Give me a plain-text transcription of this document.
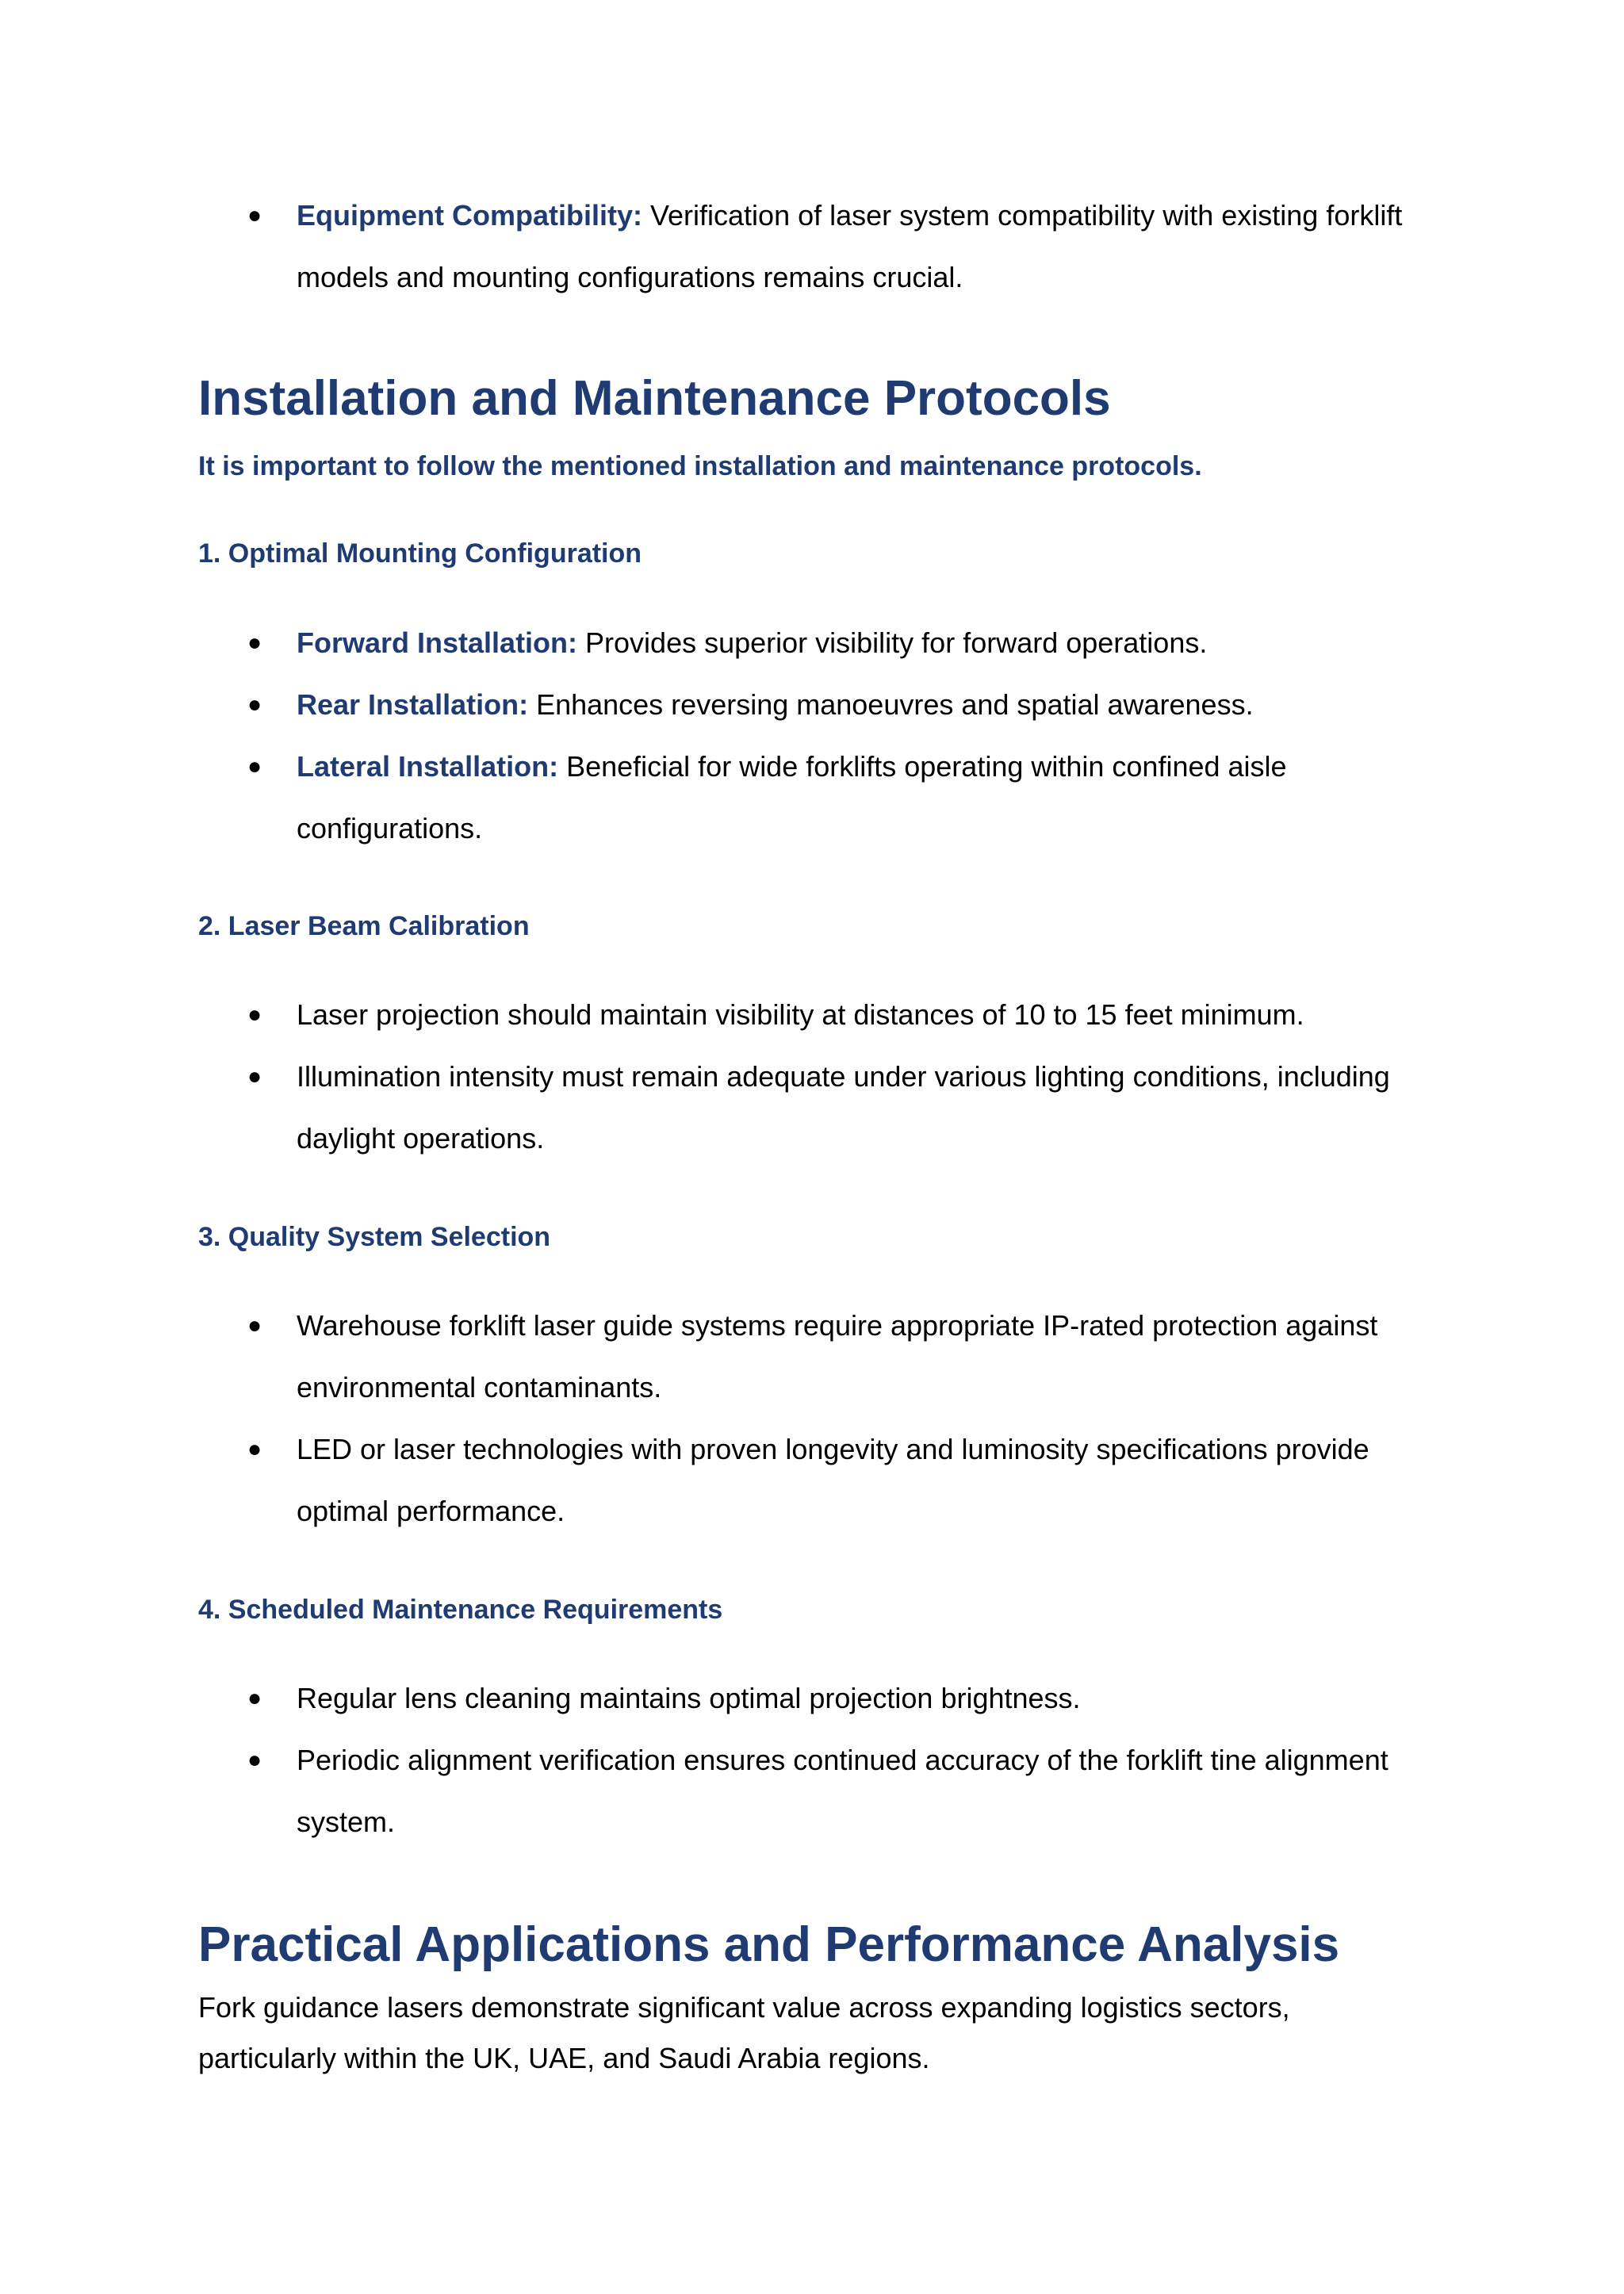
● Equipment Compatibility: Verification of laser system compatibility with existing forklift models and mounting configurations remains crucial.
Installation and Maintenance Protocols

It is important to follow the mentioned installation and maintenance protocols.

1. Optimal Mounting Configuration
● Forward Installation: Provides superior visibility for forward operations.
● Rear Installation: Enhances reversing manoeuvres and spatial awareness.
● Lateral Installation: Beneficial for wide forklifts operating within confined aisle configurations.
2. Laser Beam Calibration
● Laser projection should maintain visibility at distances of 10 to 15 feet minimum.
● Illumination intensity must remain adequate under various lighting conditions, including daylight operations.
3. Quality System Selection
● Warehouse forklift laser guide systems require appropriate IP-rated protection against environmental contaminants.
● LED or laser technologies with proven longevity and luminosity specifications provide optimal performance.
4. Scheduled Maintenance Requirements
● Regular lens cleaning maintains optimal projection brightness.
● Periodic alignment verification ensures continued accuracy of the forklift tine alignment system.
Practical Applications and Performance Analysis

Fork guidance lasers demonstrate significant value across expanding logistics sectors, particularly within the UK, UAE, and Saudi Arabia regions.
